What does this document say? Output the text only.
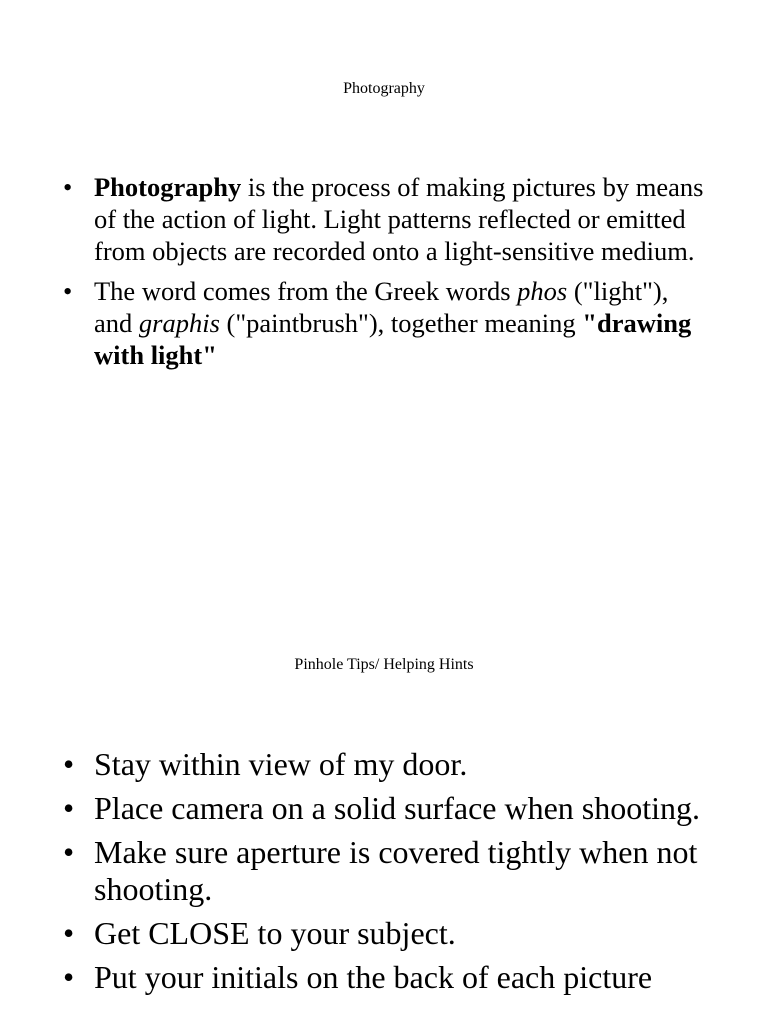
Photography
• Photography is the process of making pictures by means of the action of light. Light patterns reflected or emitted from objects are recorded onto a light-sensitive medium.
• The word comes from the Greek words phos ("light"), and graphis ("paintbrush"), together meaning "drawing with light"
Pinhole Tips/ Helping Hints
• Stay within view of my door.
• Place camera on a solid surface when shooting.
• Make sure aperture is covered tightly when not shooting.
• Get CLOSE to your subject.
• Put your initials on the back of each picture
